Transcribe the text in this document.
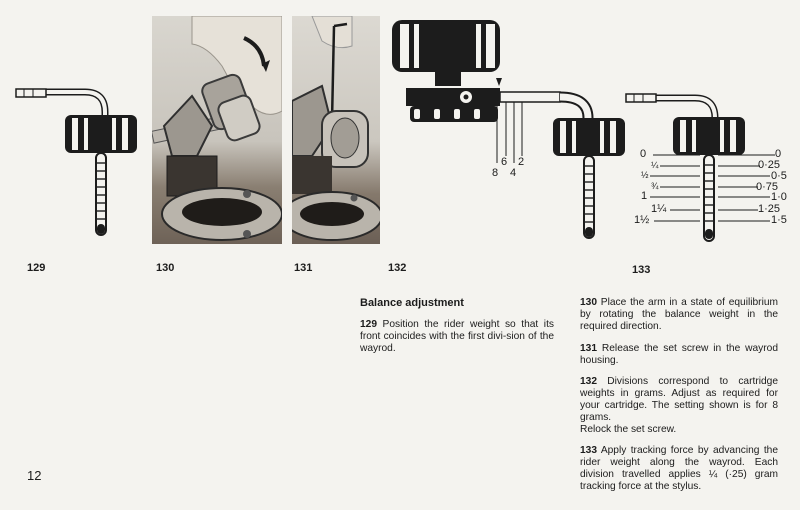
6 2
8 4
0
¼
½
¾
1
1¼
1½
0
0·25
0·5
0·75
1·0
1·25
1·5
129	130	131	132	133
Balance adjustment
129 Position the rider weight so that its front coincides with the first divi-sion of the wayrod.
130 Place the arm in a state of equilibrium by rotating the balance weight in the required direction.
131 Release the set screw in the wayrod housing.
132 Divisions correspond to cartridge weights in grams. Adjust as required for your cartridge. The setting shown is for 8 grams.
Relock the set screw.
133 Apply tracking force by advancing the rider weight along the wayrod. Each division travelled applies ¼ (·25) gram tracking force at the stylus.
12
